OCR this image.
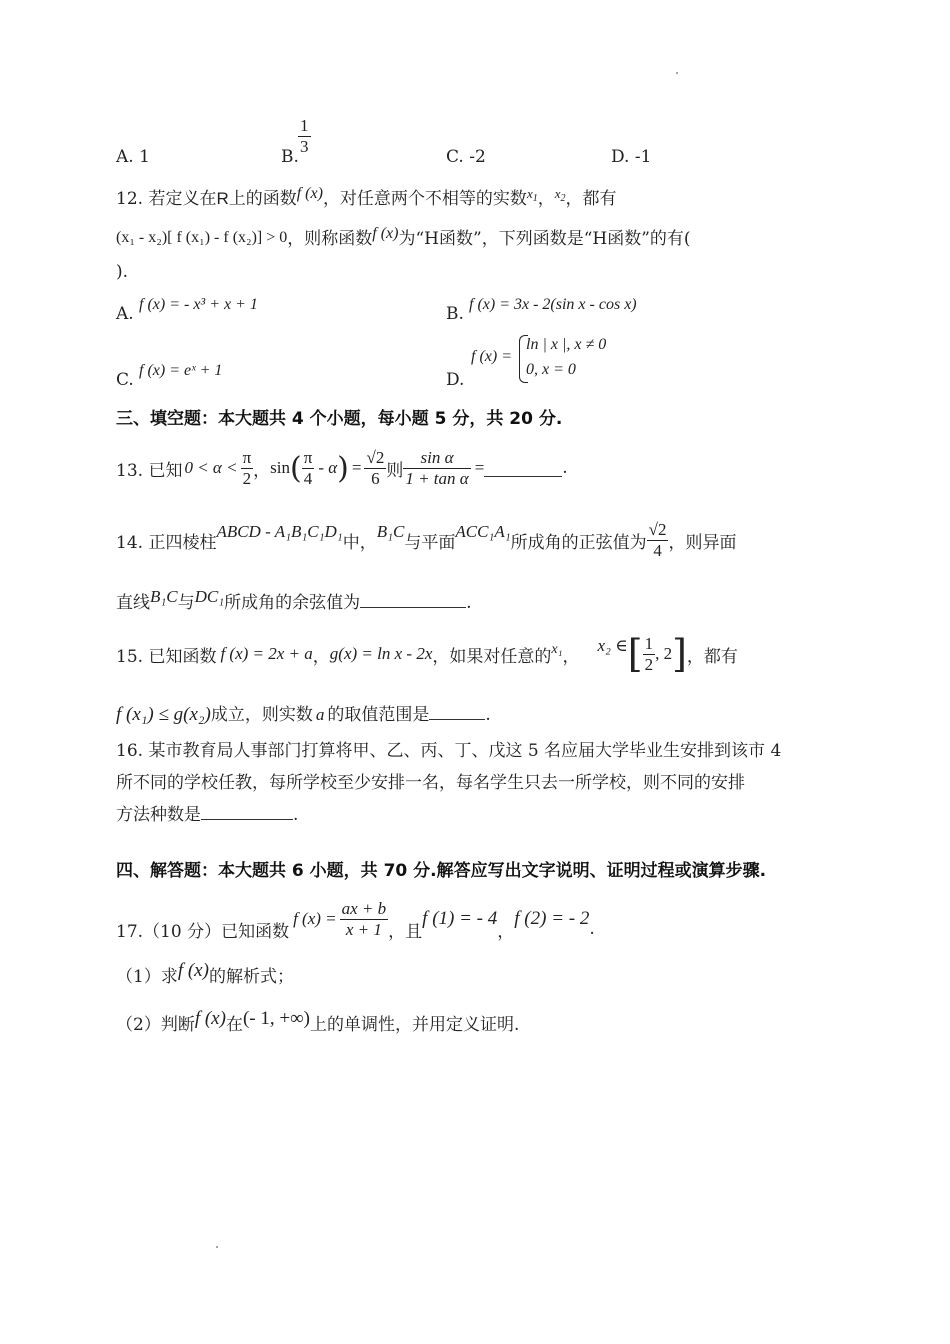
A. 1	B.
$\frac{1}{3}$
C. -2	D. -1
12. 若定义在R上的函数f (x)，对任意两个不相等的实数$^{x_1}$，$^{x_2}$，都有
(x₁ - x₂)[ f (x₁) - f (x₂)] > 0，则称函数f (x)为“H函数”，下列函数是“H函数”的有(
).
A. f (x) = - x³ + x + 1	B. f (x) = 3x - 2(sin x - cos x)
C. f (x) = eˣ + 1	D.
f (x) =
ln | x |, x ≠ 0
0, x = 0
三、填空题：本大题共 4 个小题，每小题 5 分，共 20 分.
13. 已知 $0 < \alpha < \frac{\pi}{2}$ ， sin ( $\frac{\pi}{4}$ - α ) = $\frac{√2}{6}$ 则 $\frac{\text{sin α}}{\text{1 + tan α}}$ =	.
14. 正四棱柱
ABCD - A₁B₁C₁D₁
中，
B₁C
与平面
ACC₁A₁
所成角的正弦值为 $\frac{√2}{4}$ ，则异面
直线B₁C与DC₁所成角的余弦值为	.
15. 已知函数 f (x) = 2x + a ， g(x) = ln x - 2x ，如果对任意的 x₁ ，
x₂ ∈ [ $\frac{1}{2}$ , 2 ] ，都有
f (x₁) ≤ g(x₂)成立，则实数 a 的取值范围是	.
16. 某市教育局人事部门打算将甲、乙、丙、丁、戊这 5 名应届大学毕业生安排到该市 4
所不同的学校任教，每所学校至少安排一名，每名学生只去一所学校，则不同的安排
方法种数是	.
四、解答题：本大题共 6 小题，共 70 分.解答应写出文字说明、证明过程或演算步骤.
17.（10 分）已知函数
f $(x) = \frac{ax + b}{x + 1}$ ，且
f (1) = - 4
，
f (2) = - 2 .
（1）求f (x)的解析式；
（2）判断f (x)在(- 1, +∞)上的单调性，并用定义证明.
